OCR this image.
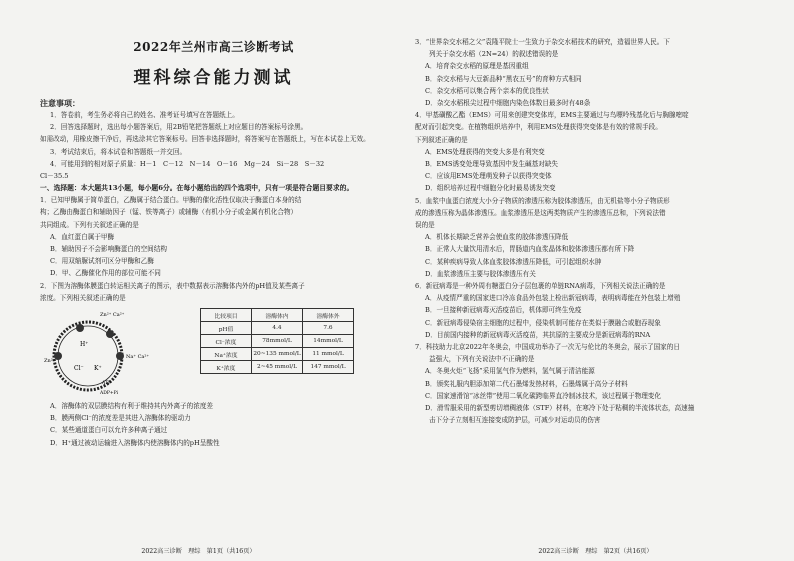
2022年兰州市高三诊断考试
理科综合能力测试
注意事项：

1．答卷前，考生务必将自己的姓名、准考证号填写在答题纸上。

2．回答选择题时，选出每小题答案后，用2B铅笔把答题纸上对应题目的答案标号涂黑。

如需改动，用橡皮擦干净后，再选涂其它答案标号。回答非选择题时，将答案写在答题纸上，写在本试卷上无效。

3．考试结束后，将本试卷和答题纸一并交回。

4．可能用到的相对原子质量：H－1　C－12　N－14　O－16　Mg－24　Si－28　S－32

Cl－35.5

一、选择题：本大题共13小题，每小题6分。在每小题给出的四个选项中，只有一项是符合题目要求的。

1．已知甲酶属于简单蛋白，乙酶属于结合蛋白。甲酶的催化活性仅取决于酶蛋白本身的结

构；乙酶由酶蛋白和辅助因子（锰、铁等离子）或辅酶（有机小分子或金属有机化合物）

共同组成。下列有关叙述正确的是

A．血红蛋白属于甲酶

B．辅助因子不会影响酶蛋白的空间结构

C．用双缩脲试剂可区分甲酶和乙酶

D．甲、乙酶催化作用的部位可能不同

2．下图为溶酶体膜蛋白转运相关离子的图示，表中数据表示溶酶体内外的pH值及某些离子

浓度。下列相关叙述正确的是

Zn²⁺ Ca²⁺
Na⁺ Ca²⁺
H⁺
Cl⁻ K⁺
Zn²⁺
ATP
ADP+Pi
比较项目	溶酶体内	溶酶体外
pH值	4.4	7.6
Cl⁻浓度	78mmol/L	14mmol/L
Na⁺浓度	20~135 mmol/L	11 mmol/L
K⁺浓度	2~45 mmol/L	147 mmol/L

A．溶酶体的双层膜结构有利于维持其内外离子的浓度差

B．膜两侧Cl⁻的浓度差是其进入溶酶体的驱动力

C．某些通道蛋白可以允许多种离子通过

D．H⁺通过被动运输进入溶酶体内使溶酶体内的pH呈酸性

2022高三诊断　理综　第1页（共16页）

3．“世界杂交水稻之父”袁隆平院士一生致力于杂交水稻技术的研究，造福世界人民。下

列关于杂交水稻（2N=24）的叙述错误的是

A．培育杂交水稻的原理是基因重组

B．杂交水稻与大豆新品种“黑农五号”的育种方式相同

C．杂交水稻可以集合两个亲本的优良性状

D．杂交水稻根尖过程中细胞内染色体数目最多时有48条

4．甲基磺酸乙酯（EMS）可用来创建突变体库，EMS主要通过与鸟嘌呤残基化后与胸腺嘧啶

配对而引起突变。在植物组织培养中，利用EMS处理获得突变体是有效的常规手段。

下列叙述正确的是

A．EMS处理获得的突变大多是有利突变

B．EMS诱变处理导致基因中发生碱基对缺失

C．应该用EMS处理萌发种子以获得突变体

D．组织培养过程中细胞分化时最易诱发突变

5．血浆中血蛋白浓度大小分子物质的渗透压称为胶体渗透压，由无机盐等小分子物质形

成的渗透压称为晶体渗透压。血浆渗透压是这两类物质产生的渗透压总和，下列说法错

误的是

A．机体长期缺乏营养会使血浆的胶体渗透压降低

B．正常人大量饮用清水后，胃肠道内血浆晶体和胶体渗透压都有所下降

C．某种疾病导致人体血浆胶体渗透压降低，可引起组织水肿

D．血浆渗透压主要与胶体渗透压有关

6．新冠病毒是一种外周有糖蛋白分子层包裹的单链RNA病毒，下列相关说法正确的是

A．从疫情严重的国家进口冷冻食品外包装上检出新冠病毒，表明病毒能在外包装上增殖

B．一旦接种新冠病毒灭活疫苗后，机体即可终生免疫

C．新冠病毒侵染宿主细胞的过程中，侵染机制可能存在类似于膜融合或胞吞现象

D．目前国内接种的新冠病毒灭活疫苗，其抗原的主要成分是新冠病毒的RNA

7．科技助力北京2022年冬奥会，中国成功举办了一次无与伦比的冬奥会，展示了国家的日

益强大，下列有关说法中不正确的是

A．冬奥火炬“飞扬”采用氢气作为燃料，氢气属于清洁能源

B．颁奖礼服内胆添加第二代石墨烯发热材料，石墨烯属于高分子材料

C．国家速滑馆“冰丝带”使用二氧化碳跨临界直冷制冰技术，该过程属于物理变化

D．滑雪服采用的新型剪切增稠液体（STF）材料，在寒冷下处于粘稠的半流体状态，高速撞

击下分子立刻相互连接变成防护层，可减少对运动员的伤害

2022高三诊断　理综　第2页（共16页）
